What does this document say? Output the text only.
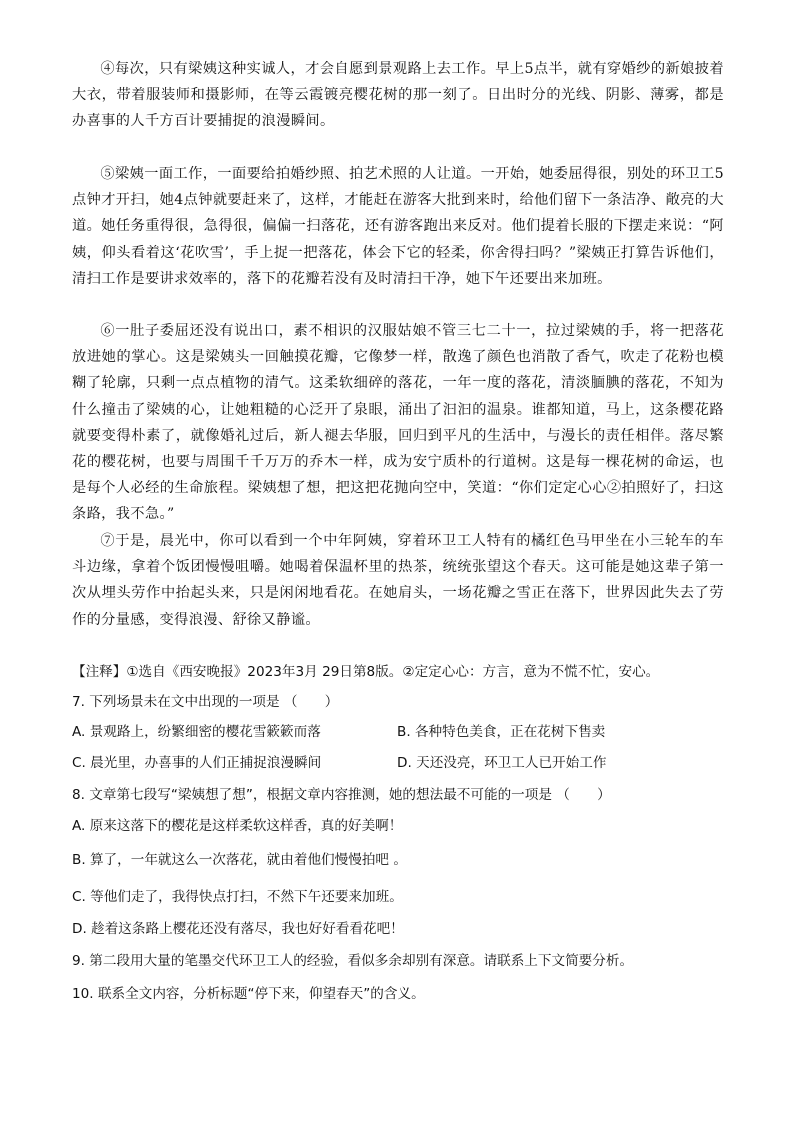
④每次，只有梁姨这种实诚人，才会自愿到景观路上去工作。早上5点半，就有穿婚纱的新娘披着大衣，带着服装师和摄影师，在等云霞镀亮樱花树的那一刻了。日出时分的光线、阴影、薄雾，都是办喜事的人千方百计要捕捉的浪漫瞬间。

⑤梁姨一面工作，一面要给拍婚纱照、拍艺术照的人让道。一开始，她委屈得很，别处的环卫工5点钟才开扫，她4点钟就要赶来了，这样，才能赶在游客大批到来时，给他们留下一条洁净、敞亮的大道。她任务重得很，急得很，偏偏一扫落花，还有游客跑出来反对。他们提着长服的下摆走来说：“阿姨，仰头看着这‘花吹雪’，手上捉一把落花，体会下它的轻柔，你舍得扫吗？”梁姨正打算告诉他们，清扫工作是要讲求效率的，落下的花瓣若没有及时清扫干净，她下午还要出来加班。

⑥一肚子委屈还没有说出口，素不相识的汉服姑娘不管三七二十一，拉过梁姨的手，将一把落花放进她的掌心。这是梁姨头一回触摸花瓣，它像梦一样，散逸了颜色也消散了香气，吹走了花粉也模糊了轮廓，只剩一点点植物的清气。这柔软细碎的落花，一年一度的落花，清淡腼腆的落花，不知为什么撞击了梁姨的心，让她粗糙的心泛开了泉眼，涌出了汩汩的温泉。谁都知道，马上，这条樱花路就要变得朴素了，就像婚礼过后，新人褪去华服，回归到平凡的生活中，与漫长的责任相伴。落尽繁花的樱花树，也要与周围千千万万的乔木一样，成为安宁质朴的行道树。这是每一棵花树的命运，也是每个人必经的生命旅程。梁姨想了想，把这把花抛向空中，笑道：“你们定定心心②拍照好了，扫这条路，我不急。”

⑦于是，晨光中，你可以看到一个中年阿姨，穿着环卫工人特有的橘红色马甲坐在小三轮车的车斗边缘，拿着个饭团慢慢咀嚼。她喝着保温杯里的热茶，统统张望这个春天。这可能是她这辈子第一次从埋头劳作中抬起头来，只是闲闲地看花。在她肩头，一场花瓣之雪正在落下，世界因此失去了劳作的分量感，变得浪漫、舒徐又静谧。

【注释】①选自《西安晚报》2023年3月 29日第8版。②定定心心：方言，意为不慌不忙，安心。
7. 下列场景未在文中出现的一项是 （　　）
A. 景观路上，纷繁细密的樱花雪簌簌而落	B. 各种特色美食，正在花树下售卖
C. 晨光里，办喜事的人们正捕捉浪漫瞬间	D. 天还没亮，环卫工人已开始工作
8. 文章第七段写“梁姨想了想”，根据文章内容推测，她的想法最不可能的一项是 （　　）
A. 原来这落下的樱花是这样柔软这样香，真的好美啊！
B. 算了，一年就这么一次落花，就由着他们慢慢拍吧 。
C. 等他们走了，我得快点打扫，不然下午还要来加班。
D. 趁着这条路上樱花还没有落尽，我也好好看看花吧！
9. 第二段用大量的笔墨交代环卫工人的经验，看似多余却别有深意。请联系上下文简要分析。
10. 联系全文内容，分析标题“停下来，仰望春天”的含义。
